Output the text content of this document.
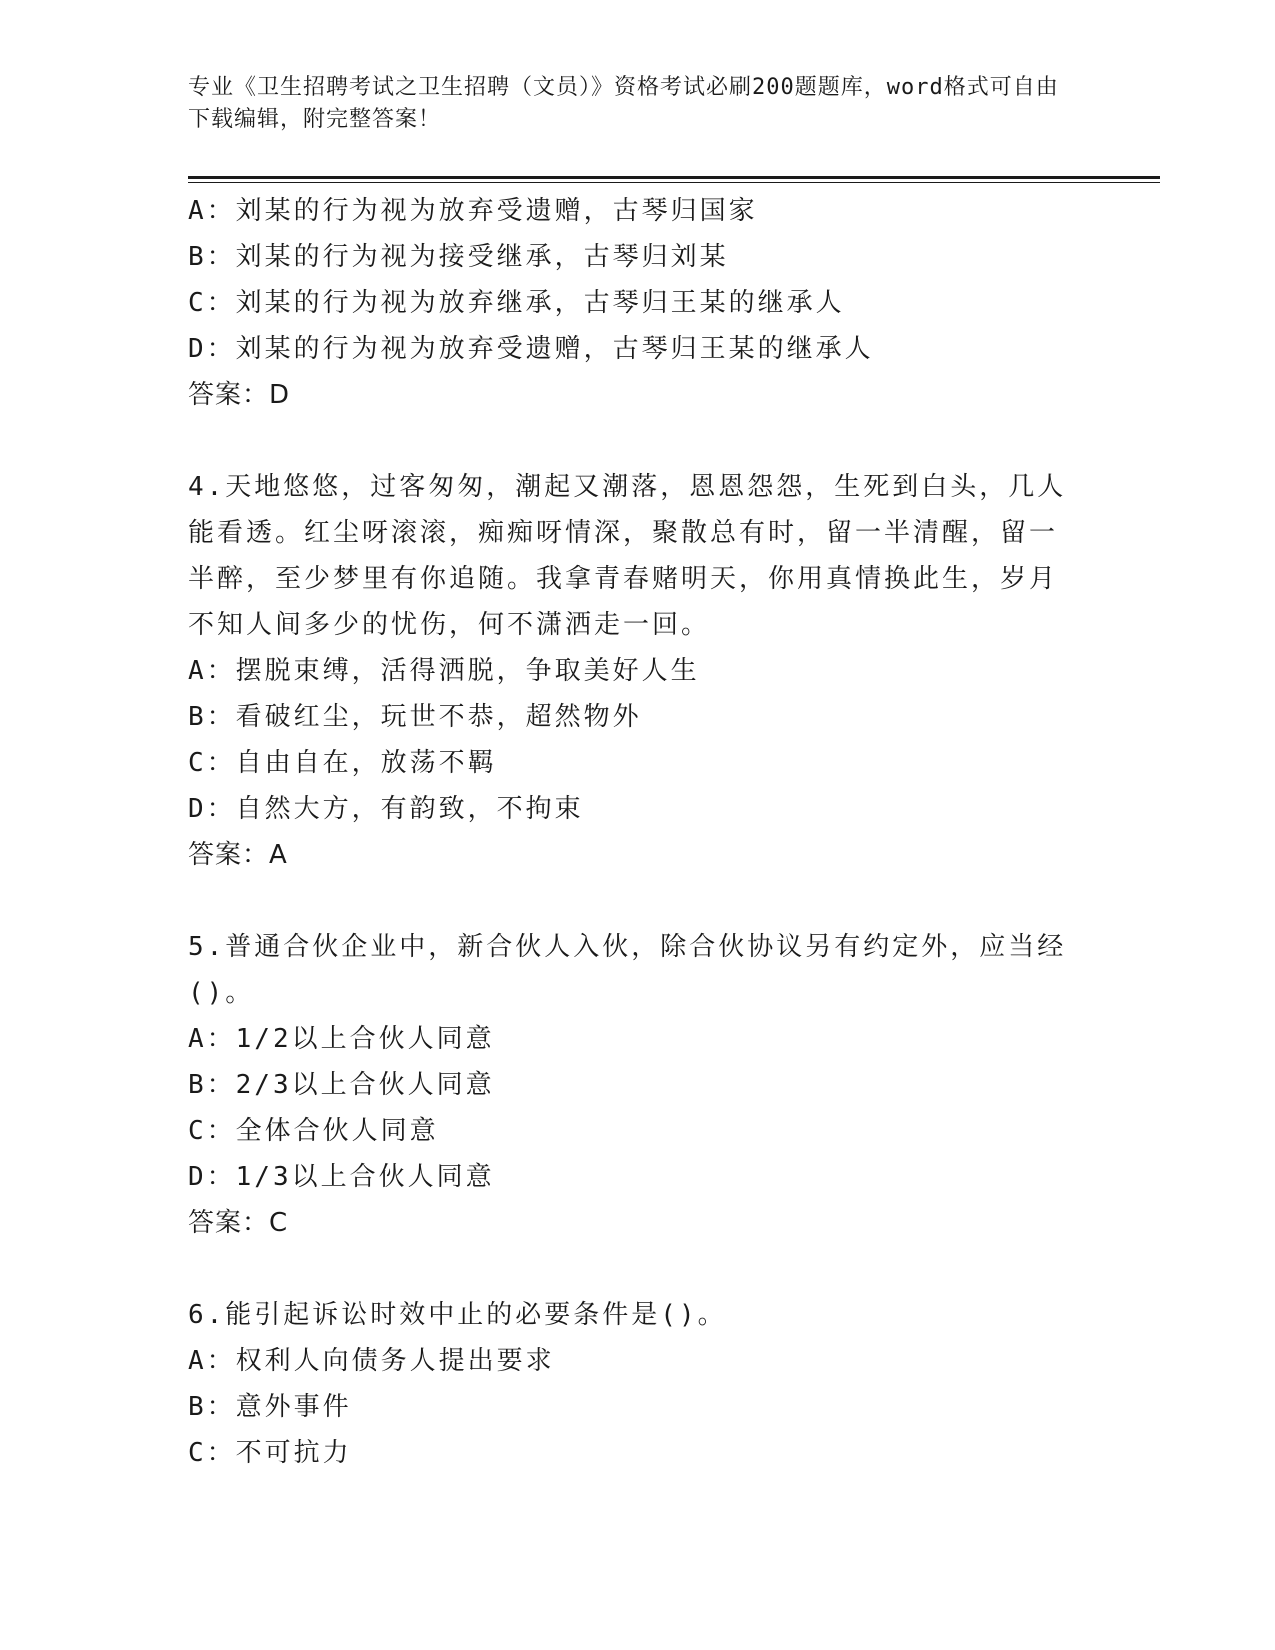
专业《卫生招聘考试之卫生招聘（文员）》资格考试必刷200题题库，word格式可自由下载编辑，附完整答案！
A：刘某的行为视为放弃受遗赠，古琴归国家
B：刘某的行为视为接受继承，古琴归刘某
C：刘某的行为视为放弃继承，古琴归王某的继承人
D：刘某的行为视为放弃受遗赠，古琴归王某的继承人
答案：D
4.天地悠悠，过客匆匆，潮起又潮落，恩恩怨怨，生死到白头，几人能看透。红尘呀滚滚，痴痴呀情深，聚散总有时，留一半清醒，留一半醉，至少梦里有你追随。我拿青春赌明天，你用真情换此生，岁月不知人间多少的忧伤，何不潇洒走一回。
A：摆脱束缚，活得洒脱，争取美好人生
B：看破红尘，玩世不恭，超然物外
C：自由自在，放荡不羁
D：自然大方，有韵致，不拘束
答案：A
5.普通合伙企业中，新合伙人入伙，除合伙协议另有约定外，应当经()。
A：1/2以上合伙人同意
B：2/3以上合伙人同意
C：全体合伙人同意
D：1/3以上合伙人同意
答案：C
6.能引起诉讼时效中止的必要条件是()。
A：权利人向债务人提出要求
B：意外事件
C：不可抗力
